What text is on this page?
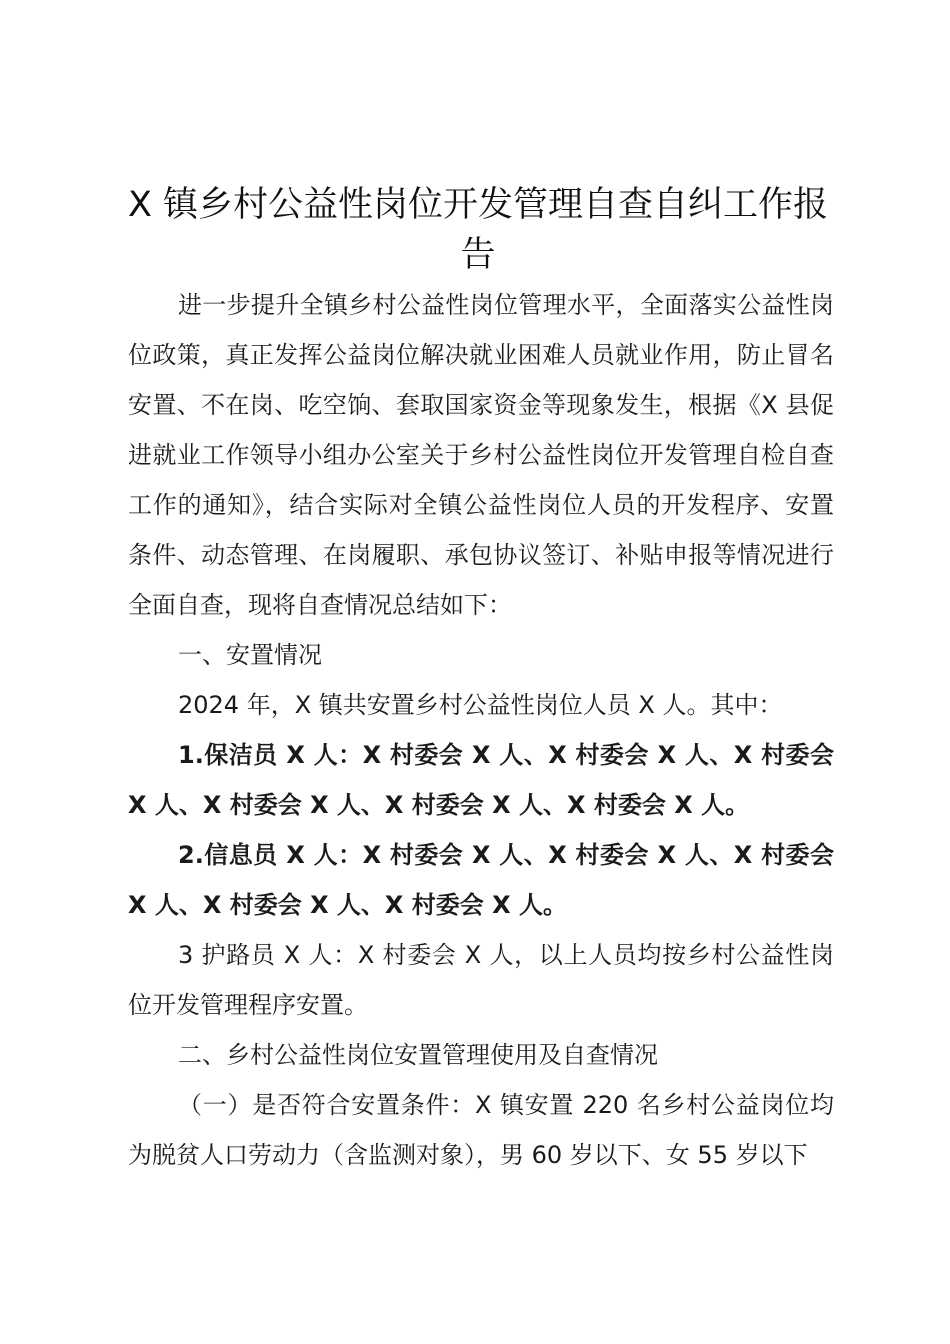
X 镇乡村公益性岗位开发管理自查自纠工作报告

进一步提升全镇乡村公益性岗位管理水平，全面落实公益性岗位政策，真正发挥公益岗位解决就业困难人员就业作用，防止冒名安置、不在岗、吃空饷、套取国家资金等现象发生，根据《X 县促进就业工作领导小组办公室关于乡村公益性岗位开发管理自检自查工作的通知》，结合实际对全镇公益性岗位人员的开发程序、安置条件、动态管理、在岗履职、承包协议签订、补贴申报等情况进行全面自查，现将自查情况总结如下：

一、安置情况

2024 年，X 镇共安置乡村公益性岗位人员 X 人。其中：

1.保洁员 X 人：X 村委会 X 人、X 村委会 X 人、X 村委会 X 人、X 村委会 X 人、X 村委会 X 人、X 村委会 X 人。

2.信息员 X 人：X 村委会 X 人、X 村委会 X 人、X 村委会 X 人、X 村委会 X 人、X 村委会 X 人。

3 护路员 X 人：X 村委会 X 人，以上人员均按乡村公益性岗位开发管理程序安置。

二、乡村公益性岗位安置管理使用及自查情况

（一）是否符合安置条件：X 镇安置 220 名乡村公益岗位均为脱贫人口劳动力（含监测对象），男 60 岁以下、女 55 岁以下
